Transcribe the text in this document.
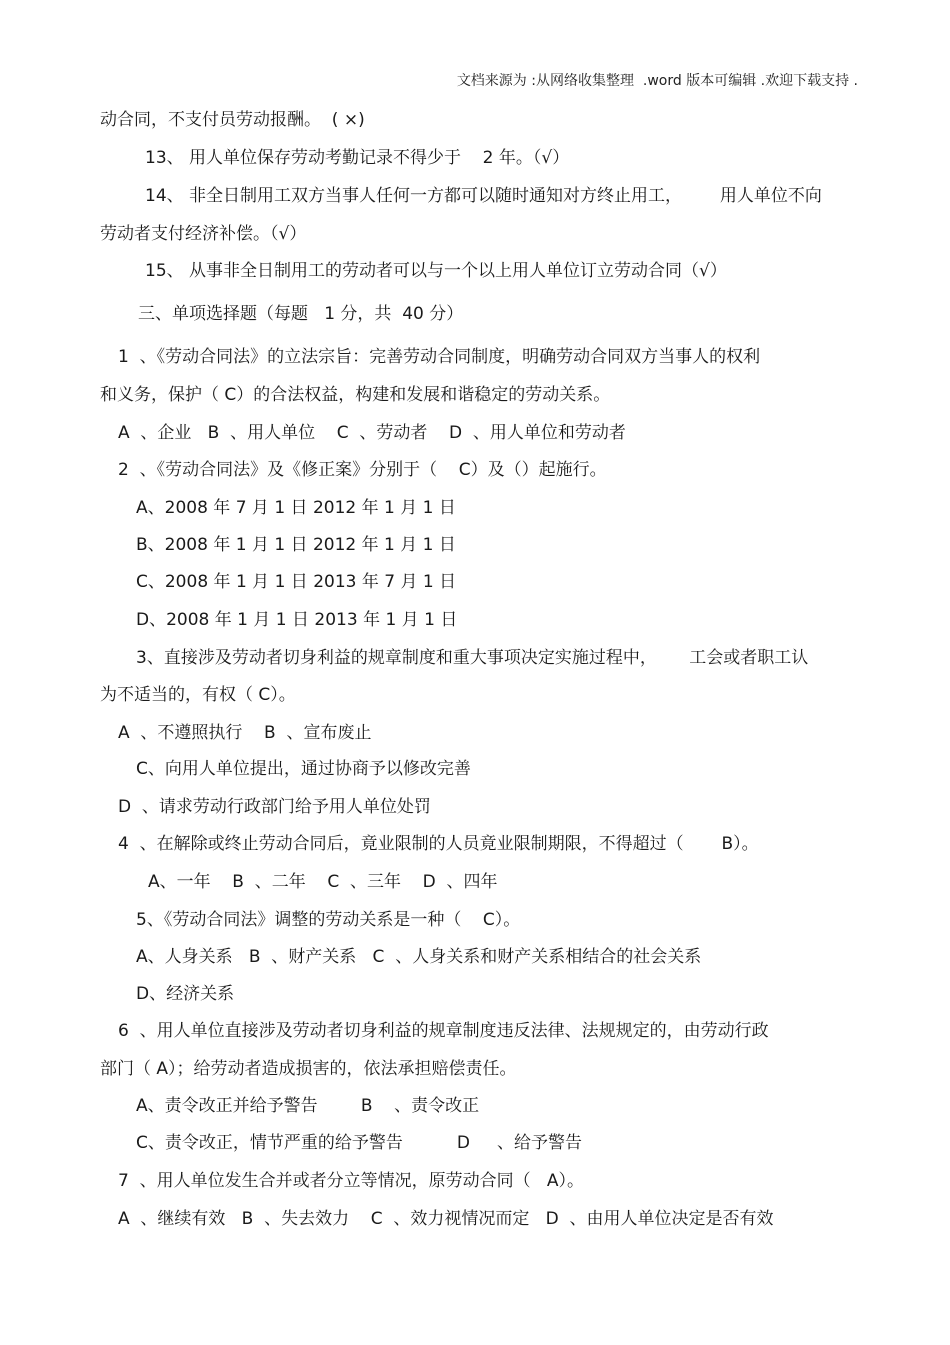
文档来源为 :从网络收集整理  .word 版本可编辑 .欢迎下载支持 .
动合同，不支付员劳动报酬。  ( ×)
13、 用人单位保存劳动考勤记录不得少于    2 年。（√）
14、 非全日制用工双方当事人任何一方都可以随时通知对方终止用工，       用人单位不向
劳动者支付经济补偿。（√）
15、 从事非全日制用工的劳动者可以与一个以上用人单位订立劳动合同（√）
三、单项选择题（每题   1 分，共  40 分）
1  、《劳动合同法》的立法宗旨：完善劳动合同制度，明确劳动合同双方当事人的权利
和义务，保护（ C）的合法权益，构建和发展和谐稳定的劳动关系。
A  、企业   B  、用人单位    C  、劳动者    D  、用人单位和劳动者
2  、《劳动合同法》及《修正案》分别于（    C）及（）起施行。
A、2008 年 7 月 1 日 2012 年 1 月 1 日
B、2008 年 1 月 1 日 2012 年 1 月 1 日
C、2008 年 1 月 1 日 2013 年 7 月 1 日
D、2008 年 1 月 1 日 2013 年 1 月 1 日
3、直接涉及劳动者切身利益的规章制度和重大事项决定实施过程中，      工会或者职工认
为不适当的，有权（ C）。
A  、不遵照执行    B  、宣布废止
C、向用人单位提出，通过协商予以修改完善
D  、请求劳动行政部门给予用人单位处罚
4  、在解除或终止劳动合同后，竟业限制的人员竟业限制期限，不得超过（       B）。
A、一年    B  、二年    C  、三年    D  、四年
5、《劳动合同法》调整的劳动关系是一种（    C）。
A、人身关系   B  、财产关系   C  、人身关系和财产关系相结合的社会关系
D、经济关系
6  、用人单位直接涉及劳动者切身利益的规章制度违反法律、法规规定的，由劳动行政
部门（ A）；给劳动者造成损害的，依法承担赔偿责任。
A、责令改正并给予警告        B    、责令改正
C、责令改正，情节严重的给予警告          D     、给予警告
7  、用人单位发生合并或者分立等情况，原劳动合同（   A）。
A  、继续有效   B  、失去效力    C  、效力视情况而定   D  、由用人单位决定是否有效
